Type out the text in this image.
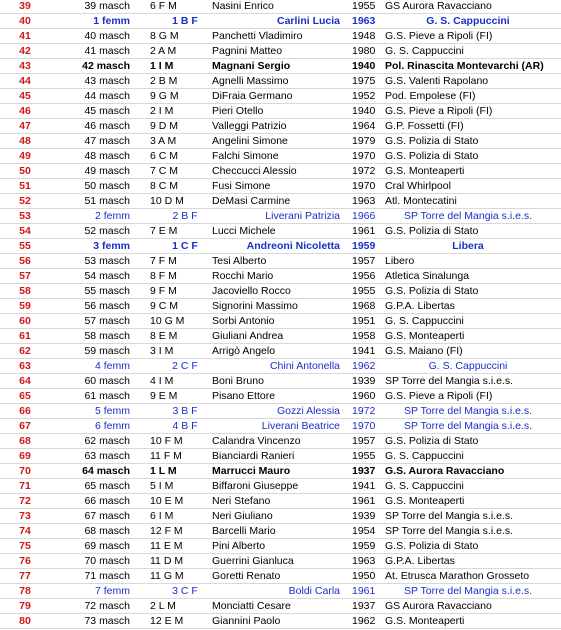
39	39 masch 6 F M	Nasini Enrico	1955 GS Aurora Ravacciano
40	1 femm	1 B F	Carlini Lucia 1963	G. S. Cappuccini
41	40 masch 8 G M	Panchetti Vladimiro	1948 G.S. Pieve a Ripoli (FI)
42	41 masch 2 A M	Pagnini Matteo	1980 G. S. Cappuccini
43	42 masch 1 I M	Magnani Sergio	1940 Pol. Rinascita Montevarchi (AR)
44	43 masch 2 B M	Agnelli Massimo	1975 G.S. Valenti Rapolano
45	44 masch 9 G M	DiFraia Germano	1952 Pod. Empolese (FI)
46	45 masch 2 I M	Pieri Otello	1940 G.S. Pieve a Ripoli (FI)
47	46 masch 9 D M	Valleggi Patrizio	1964 G.P. Fossetti (FI)
48	47 masch 3 A M	Angelini Simone	1979 G.S. Polizia di Stato
49	48 masch 6 C M	Falchi Simone	1970 G.S. Polizia di Stato
50	49 masch 7 C M	Checcucci Alessio	1972 G.S. Monteaperti
51	50 masch 8 C M	Fusi Simone	1970 Cral Whirlpool
52	51 masch 10 D M	DeMasi Carmine	1963 Atl. Montecatini
53	2 femm	2 B F	Liverani Patrizia 1966	SP Torre del Mangia s.i.e.s.
54	52 masch 7 E M	Lucci Michele	1961 G.S. Polizia di Stato
55	3 femm	1 C F	Andreoni Nicoletta 1959	Libera
56	53 masch 7 F M	Tesi Alberto	1957 Libero
57	54 masch 8 F M	Rocchi Mario	1956 Atletica Sinalunga
58	55 masch 9 F M	Jacoviello Rocco	1955 G.S. Polizia di Stato
59	56 masch 9 C M	Signorini Massimo	1968 G.P.A. Libertas
60	57 masch 10 G M	Sorbi Antonio	1951 G. S. Cappuccini
61	58 masch 8 E M	Giuliani Andrea	1958 G.S. Monteaperti
62	59 masch 3 I M	Arrigò Angelo	1941 G.S. Maiano (FI)
63	4 femm	2 C F	Chini Antonella 1962	G. S. Cappuccini
64	60 masch 4 I M	Boni Bruno	1939 SP Torre del Mangia s.i.e.s.
65	61 masch 9 E M	Pisano Ettore	1960 G.S. Pieve a Ripoli (FI)
66	5 femm	3 B F	Gozzi Alessia 1972	SP Torre del Mangia s.i.e.s.
67	6 femm	4 B F	Liverani Beatrice 1970	SP Torre del Mangia s.i.e.s.
68	62 masch 10 F M	Calandra Vincenzo	1957 G.S. Polizia di Stato
69	63 masch 11 F M	Bianciardi Ranieri	1955 G. S. Cappuccini
70	64 masch 1 L M	Marrucci Mauro	1937 G.S. Aurora Ravacciano
71	65 masch 5 I M	Biffaroni Giuseppe	1941 G. S. Cappuccini
72	66 masch 10 E M	Neri Stefano	1961 G.S. Monteaperti
73	67 masch 6 I M	Neri Giuliano	1939 SP Torre del Mangia s.i.e.s.
74	68 masch 12 F M	Barcelli Mario	1954 SP Torre del Mangia s.i.e.s.
75	69 masch 11 E M	Pini Alberto	1959 G.S. Polizia di Stato
76	70 masch 11 D M	Guerrini Gianluca	1963 G.P.A. Libertas
77	71 masch 11 G M	Goretti Renato	1950 At. Etrusca Marathon Grosseto
78	7 femm	3 C F	Boldi Carla 1961	SP Torre del Mangia s.i.e.s.
79	72 masch 2 L M	Monciatti Cesare	1937 GS Aurora Ravacciano
80	73 masch 12 E M	Giannini Paolo	1962 G.S. Monteaperti
